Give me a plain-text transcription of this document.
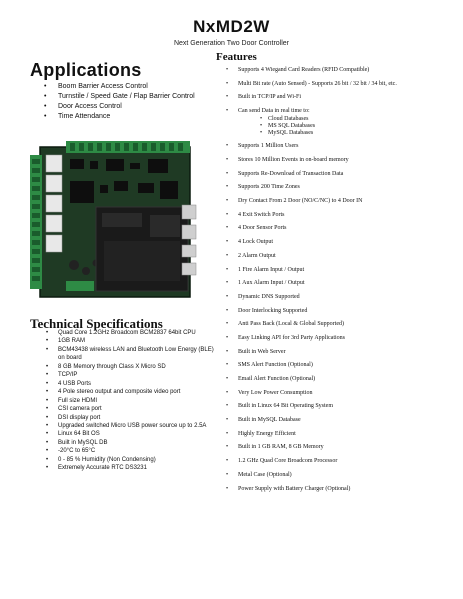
NxMD2W
Next Generation Two Door Controller
Applications
• Boom Barrier Access Control
• Turnstile / Speed Gate / Flap Barrier Control
• Door Access Control
• Time Attendance
Technical Specifications
• Quad Core 1.2GHz Broadcom BCM2837 64bit CPU
• 1GB RAM
• BCM43438 wireless LAN and Bluetooth Low Energy (BLE) on board
• 8 GB Memory through Class X Micro SD
• TCP/IP
• 4 USB Ports
• 4 Pole stereo output and composite video port
• Full size HDMI
• CSI camera port
• DSI display port
• Upgraded switched Micro USB power source up to 2.5A
• Linux 64 Bit OS
• Built in MySQL DB
• -20°C to 65°C
• 0 - 85 % Humidity (Non Condensing)
• Extremely Accurate RTC DS3231
Features
• Supports 4 Wiegand Card Readers (RFID Compatible)
• Multi Bit rate (Auto Sensed) - Supports 26 bit / 32 bit / 34 bit, etc.
• Built in TCP/IP and Wi-Fi
• Can send Data in real time to:
• Cloud Databases
• MS SQL Databases
• MySQL Databases
• Supports 1 Million Users
• Stores 10 Million Events in on-board memory
• Supports Re-Download of Transaction Data
• Supports 200 Time Zones
• Dry Contact From 2 Door (NO/C/NC) to 4 Door IN
• 4 Exit Switch Ports
• 4 Door Sensor Ports
• 4 Lock Output
• 2 Alarm Output
• 1 Fire Alarm Input / Output
• 1 Aux Alarm Input / Output
• Dynamic DNS Supported
• Door Interlocking Supported
• Anti Pass Back (Local & Global Supported)
• Easy Linking API for 3rd Party Applications
• Built in Web Server
• SMS Alert Function (Optional)
• Email Alert Function (Optional)
• Very Low Power Consumption
• Built in Linux 64 Bit Operating System
• Built in MySQL Database
• Highly Energy Efficient
• Built in 1 GB RAM, 8 GB Memory
• 1.2 GHz Quad Core Broadcom Processor
• Metal Case (Optional)
• Power Supply with Battery Charger (Optional)
